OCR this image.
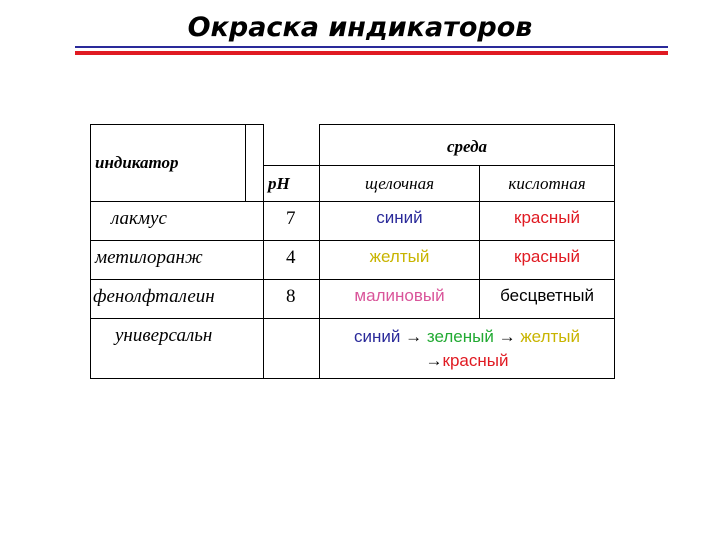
Окраска индикаторов
индикатор			среда	
		pH	щелочная	кислотная
лакмус		7	синий	красный
метилоранж		4	желтый	красный
фенолфталеин		8	малиновый	бесцветный
универсальн			синий → зеленый → желтый
→красный	
